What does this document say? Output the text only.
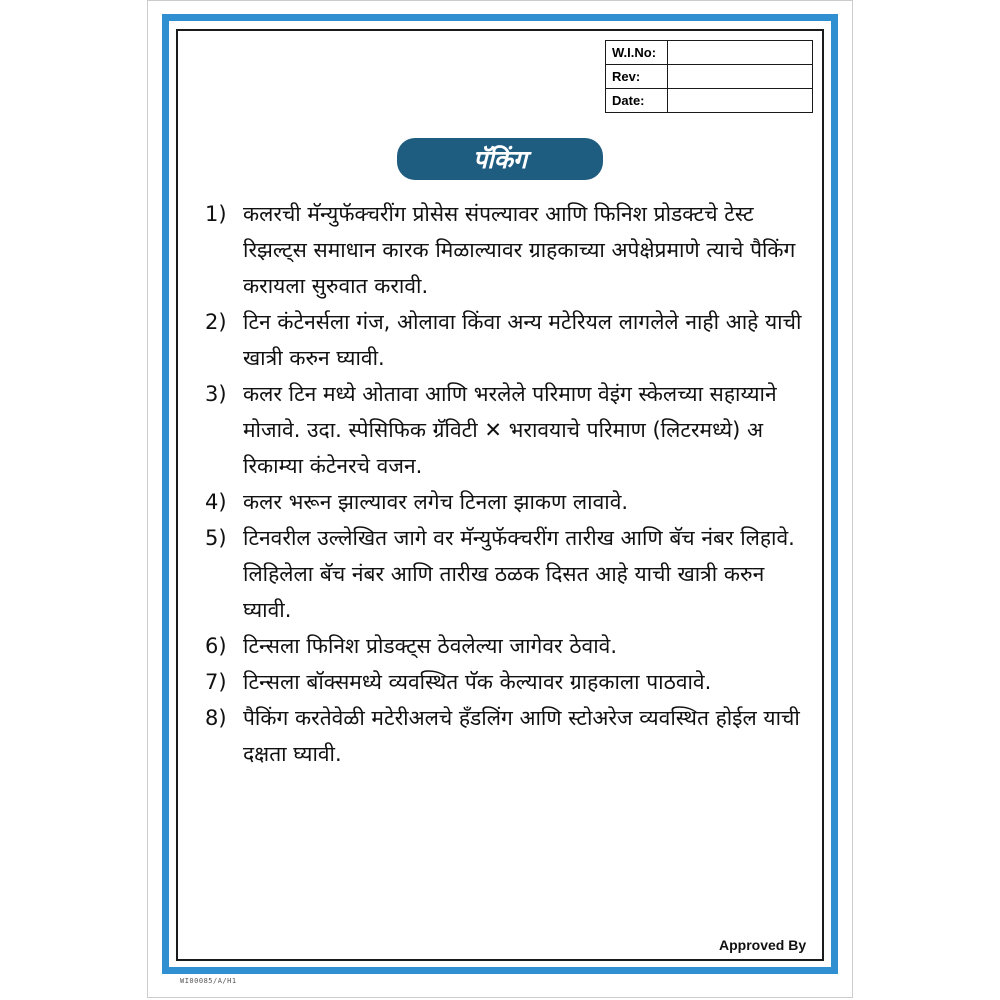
W.I.No:	
Rev:	
Date:	
पॅकिंग
1) कलरची मॅन्युफॅक्चरींग प्रोसेस संपल्यावर आणि फिनिश प्रोडक्टचे टेस्ट रिझल्ट्स समाधान कारक मिळाल्यावर ग्राहकाच्या अपेक्षेप्रमाणे त्याचे पैकिंग करायला सुरुवात करावी.
2) टिन कंटेनर्सला गंज, ओलावा किंवा अन्य मटेरियल लागलेले नाही आहे याची खात्री करुन घ्यावी.
3) कलर टिन मध्ये ओतावा आणि भरलेले परिमाण वेइंग स्केलच्या सहाय्याने मोजावे. उदा. स्पेसिफिक ग्रॅविटी ✕ भरावयाचे परिमाण (लिटरमध्ये) अ रिकाम्या कंटेनरचे वजन.
4) कलर भरून झाल्यावर लगेच टिनला झाकण लावावे.
5) टिनवरील उल्लेखित जागे वर मॅन्युफॅक्चरींग तारीख आणि बॅच नंबर लिहावे. लिहिलेला बॅच नंबर आणि तारीख ठळक दिसत आहे याची खात्री करुन घ्यावी.
6) टिन्सला फिनिश प्रोडक्ट्स ठेवलेल्या जागेवर ठेवावे.
7) टिन्सला बॉक्समध्ये व्यवस्थित पॅक केल्यावर ग्राहकाला पाठवावे.
8) पैकिंग करतेवेळी मटेरीअलचे हँडलिंग आणि स्टोअरेज व्यवस्थित होईल याची दक्षता घ्यावी.
Approved By
WI00085/A/H1
